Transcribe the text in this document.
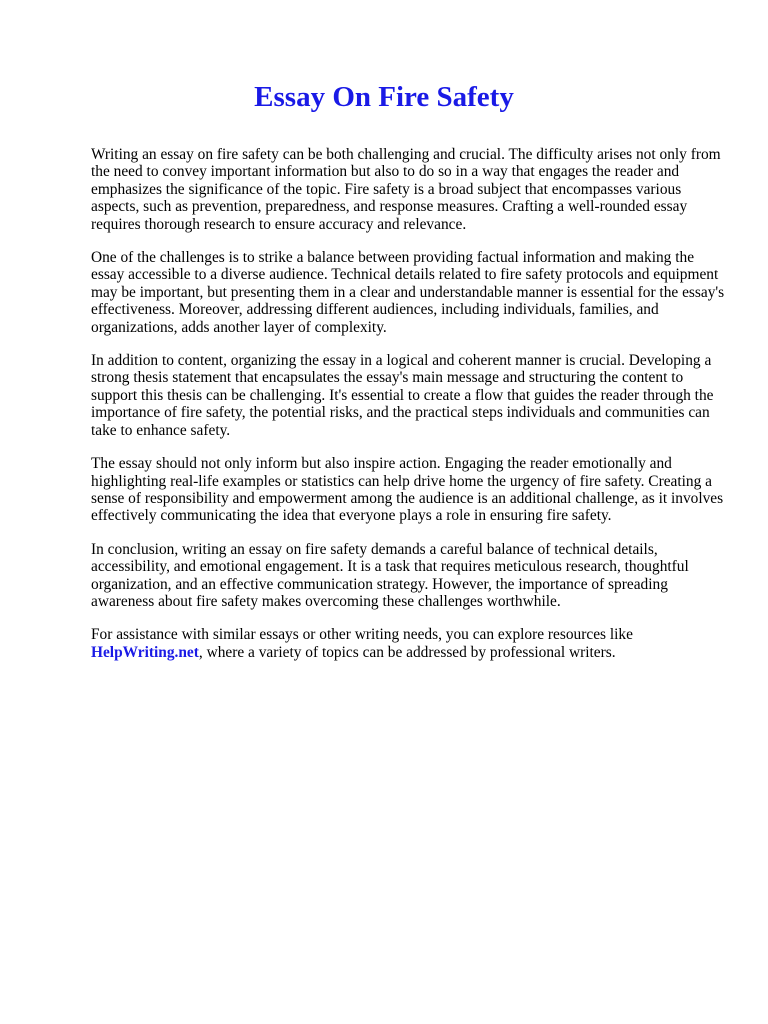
Essay On Fire Safety

Writing an essay on fire safety can be both challenging and crucial. The difficulty arises not only from the need to convey important information but also to do so in a way that engages the reader and emphasizes the significance of the topic. Fire safety is a broad subject that encompasses various aspects, such as prevention, preparedness, and response measures. Crafting a well-rounded essay requires thorough research to ensure accuracy and relevance.

One of the challenges is to strike a balance between providing factual information and making the essay accessible to a diverse audience. Technical details related to fire safety protocols and equipment may be important, but presenting them in a clear and understandable manner is essential for the essay's effectiveness. Moreover, addressing different audiences, including individuals, families, and organizations, adds another layer of complexity.

In addition to content, organizing the essay in a logical and coherent manner is crucial. Developing a strong thesis statement that encapsulates the essay's main message and structuring the content to support this thesis can be challenging. It's essential to create a flow that guides the reader through the importance of fire safety, the potential risks, and the practical steps individuals and communities can take to enhance safety.

The essay should not only inform but also inspire action. Engaging the reader emotionally and highlighting real-life examples or statistics can help drive home the urgency of fire safety. Creating a sense of responsibility and empowerment among the audience is an additional challenge, as it involves effectively communicating the idea that everyone plays a role in ensuring fire safety.

In conclusion, writing an essay on fire safety demands a careful balance of technical details, accessibility, and emotional engagement. It is a task that requires meticulous research, thoughtful organization, and an effective communication strategy. However, the importance of spreading awareness about fire safety makes overcoming these challenges worthwhile.

For assistance with similar essays or other writing needs, you can explore resources like HelpWriting.net, where a variety of topics can be addressed by professional writers.
